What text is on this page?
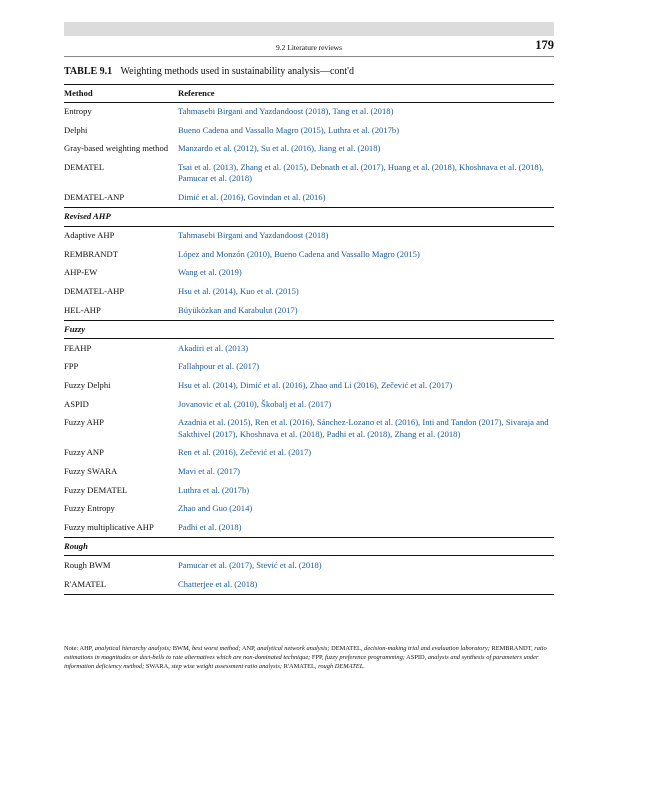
9.2 Literature reviews	179
TABLE 9.1 Weighting methods used in sustainability analysis—cont'd
Method	Reference
Entropy	Tahmasebi Birgani and Yazdandoost (2018), Tang et al. (2018)
Delphi	Bueno Cadena and Vassallo Magro (2015), Luthra et al. (2017b)
Gray-based weighting method	Manzardo et al. (2012), Su et al. (2016), Jiang et al. (2018)
DEMATEL	Tsai et al. (2013), Zhang et al. (2015), Debnath et al. (2017), Huang et al. (2018), Khoshnava et al. (2018), Pamucar et al. (2018)
DEMATEL-ANP	Dimić et al. (2016), Govindan et al. (2016)
Revised AHP	
Adaptive AHP	Tahmasebi Birgani and Yazdandoost (2018)
REMBRANDT	López and Monzón (2010), Bueno Cadena and Vassallo Magro (2015)
AHP-EW	Wang et al. (2019)
DEMATEL-AHP	Hsu et al. (2014), Kuo et al. (2015)
HEL-AHP	Büyüközkan and Karabulut (2017)
Fuzzy	
FEAHP	Akadiri et al. (2013)
FPP	Fallahpour et al. (2017)
Fuzzy Delphi	Hsu et al. (2014), Dimić et al. (2016), Zhao and Li (2016), Zečević et al. (2017)
ASPID	Jovanovic et al. (2010), Škobalj et al. (2017)
Fuzzy AHP	Azadnia et al. (2015), Ren et al. (2016), Sánchez-Lozano et al. (2016), Inti and Tandon (2017), Sivaraja and Sakthivel (2017), Khoshnava et al. (2018), Padhi et al. (2018), Zhang et al. (2018)
Fuzzy ANP	Ren et al. (2016), Zečević et al. (2017)
Fuzzy SWARA	Mavi et al. (2017)
Fuzzy DEMATEL	Luthra et al. (2017b)
Fuzzy Entropy	Zhao and Guo (2014)
Fuzzy multiplicative AHP	Padhi et al. (2018)
Rough	
Rough BWM	Pamucar et al. (2017), Stević et al. (2018)
R'AMATEL	Chatterjee et al. (2018)
Note: AHP, analytical hierarchy analysis; BWM, best worst method; ANP, analytical network analysis; DEMATEL, decision-making trial and evaluation laboratory; REMBRANDT, ratio estimations in magnitudes or deci-bells to rate alternatives which are non-dominated technique; FPP, fuzzy preference programming; ASPID, analysis and synthesis of parameters under information deficiency method; SWARA, step wise weight assessment ratio analysis; R'AMATEL, rough DEMATEL.
